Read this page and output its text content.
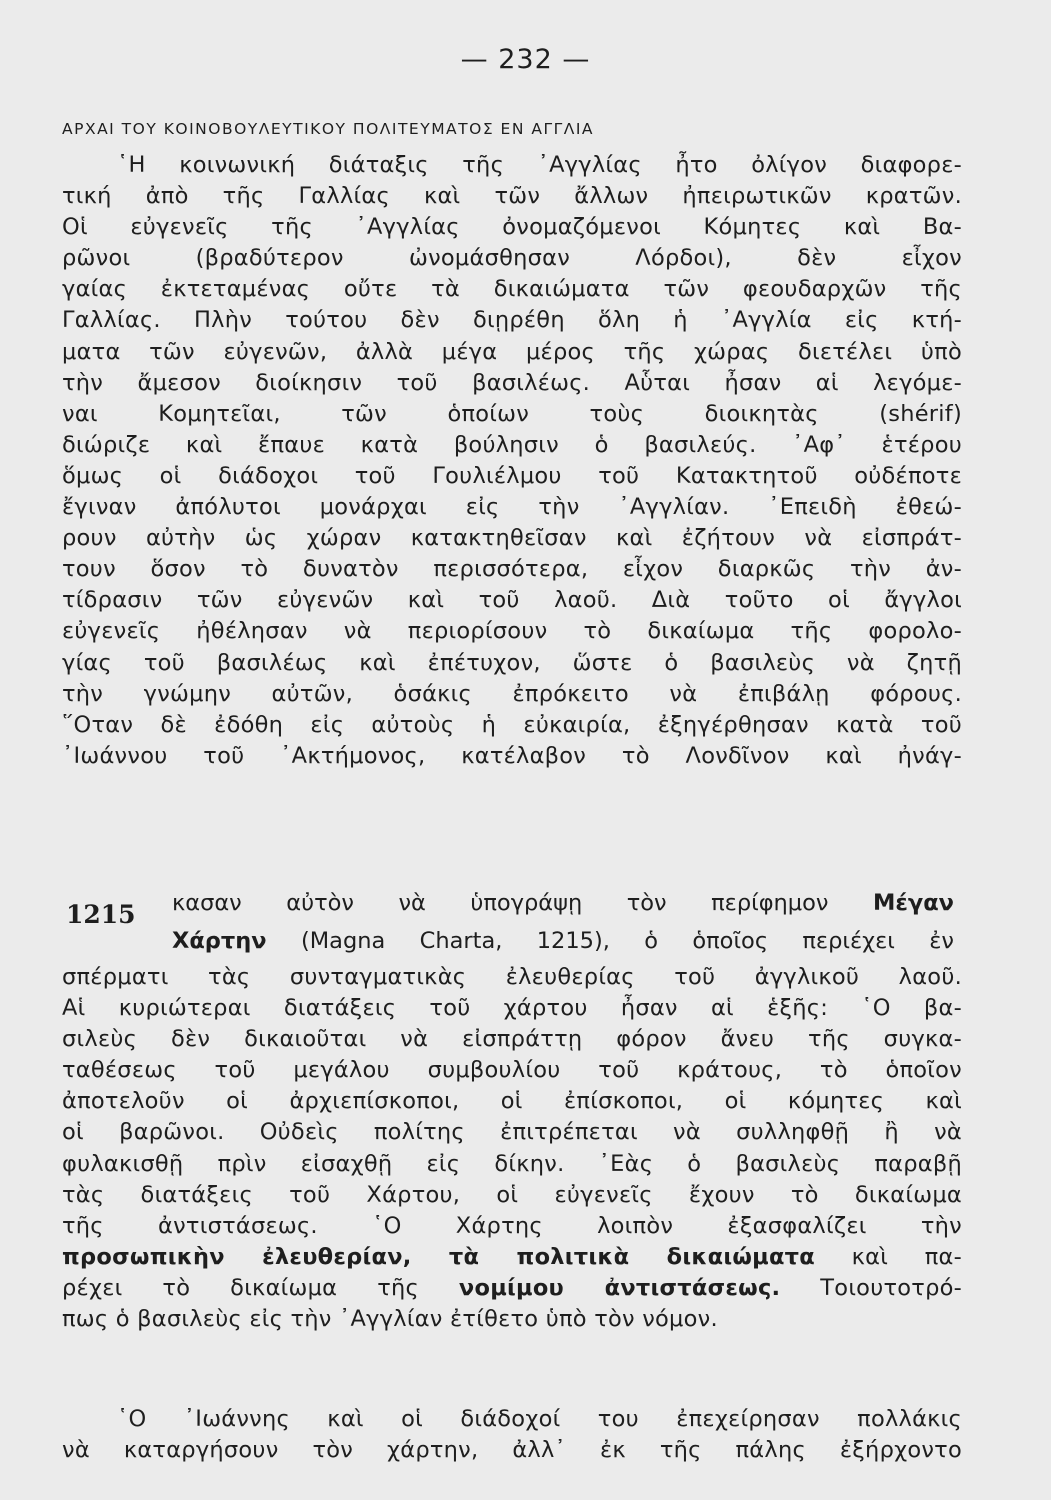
— 232 —
ΑΡΧΑΙ ΤΟΥ ΚΟΙΝΟΒΟΥΛΕΥΤΙΚΟΥ ΠΟΛΙΤΕΥΜΑΤΟΣ ΕΝ ΑΓΓΛΙΑ
῾Η κοινωνική διάταξις τῆς ᾿Αγγλίας ἦτο ὀλίγον διαφορε-
τική ἀπὸ τῆς Γαλλίας καὶ τῶν ἄλλων ἠπειρωτικῶν κρατῶν.
Οἱ εὐγενεῖς τῆς ᾿Αγγλίας ὀνομαζόμενοι Κόμητες καὶ Βα-
ρῶνοι (βραδύτερον ὠνομάσθησαν Λόρδοι), δὲν εἶχον
γαίας ἐκτεταμένας οὔτε τὰ δικαιώματα τῶν φεουδαρχῶν τῆς
Γαλλίας. Πλὴν τούτου δὲν διῃρέθη ὅλη ἡ ᾿Αγγλία εἰς κτή-
ματα τῶν εὐγενῶν, ἀλλὰ μέγα μέρος τῆς χώρας διετέλει ὑπὸ
τὴν ἄμεσον διοίκησιν τοῦ βασιλέως. Αὗται ἦσαν αἱ λεγόμε-
ναι Κομητεῖαι, τῶν ὁποίων τοὺς διοικητὰς (shérif)
διώριζε καὶ ἔπαυε κατὰ βούλησιν ὁ βασιλεύς. ᾿Αφ᾿ ἑτέρου
ὅμως οἱ διάδοχοι τοῦ Γουλιέλμου τοῦ Κατακτητοῦ οὐδέποτε
ἔγιναν ἀπόλυτοι μονάρχαι εἰς τὴν ᾿Αγγλίαν. ᾿Επειδὴ ἐθεώ-
ρουν αὐτὴν ὡς χώραν κατακτηθεῖσαν καὶ ἐζήτουν νὰ εἰσπράτ-
τουν ὅσον τὸ δυνατὸν περισσότερα, εἶχον διαρκῶς τὴν ἀν-
τίδρασιν τῶν εὐγενῶν καὶ τοῦ λαοῦ. Διὰ τοῦτο οἱ ἄγγλοι
εὐγενεῖς ἠθέλησαν νὰ περιορίσουν τὸ δικαίωμα τῆς φορολο-
γίας τοῦ βασιλέως καὶ ἐπέτυχον, ὥστε ὁ βασιλεὺς νὰ ζητῇ
τὴν γνώμην αὐτῶν, ὁσάκις ἐπρόκειτο νὰ ἐπιβάλῃ φόρους.
῞Οταν δὲ ἐδόθη εἰς αὐτοὺς ἡ εὐκαιρία, ἐξηγέρθησαν κατὰ τοῦ
᾿Ιωάννου τοῦ ᾿Ακτήμονος, κατέλαβον τὸ Λονδῖνον καὶ ἠνάγ-
1215 κασαν αὐτὸν νὰ ὑπογράψῃ τὸν περίφημον Μέγαν
Χάρτην (Magna Charta, 1215), ὁ ὁποῖος περιέχει ἐν
σπέρματι τὰς συνταγματικὰς ἐλευθερίας τοῦ ἀγγλικοῦ λαοῦ.
Αἱ κυριώτεραι διατάξεις τοῦ χάρτου ἦσαν αἱ ἑξῆς: ῾Ο βα-
σιλεὺς δὲν δικαιοῦται νὰ εἰσπράττῃ φόρον ἄνευ τῆς συγκα-
ταθέσεως τοῦ μεγάλου συμβουλίου τοῦ κράτους, τὸ ὁποῖον
ἀποτελοῦν οἱ ἀρχιεπίσκοποι, οἱ ἐπίσκοποι, οἱ κόμητες καὶ
οἱ βαρῶνοι. Οὐδεὶς πολίτης ἐπιτρέπεται νὰ συλληφθῇ ἢ νὰ
φυλακισθῇ πρὶν εἰσαχθῇ εἰς δίκην. ᾿Εὰς ὁ βασιλεὺς παραβῇ
τὰς διατάξεις τοῦ Χάρτου, οἱ εὐγενεῖς ἔχουν τὸ δικαίωμα
τῆς ἀντιστάσεως. ῾Ο Χάρτης λοιπὸν ἐξασφαλίζει τὴν
προσωπικὴν ἐλευθερίαν, τὰ πολιτικὰ δικαιώματα καὶ πα-
ρέχει τὸ δικαίωμα τῆς νομίμου ἀντιστάσεως. Τοιουτοτρό-
πως ὁ βασιλεὺς εἰς τὴν ᾿Αγγλίαν ἐτίθετο ὑπὸ τὸν νόμον.
῾Ο ᾿Ιωάννης καὶ οἱ διάδοχοί του ἐπεχείρησαν πολλάκις
νὰ καταργήσουν τὸν χάρτην, ἀλλ᾿ ἐκ τῆς πάλης ἐξήρχοντο
